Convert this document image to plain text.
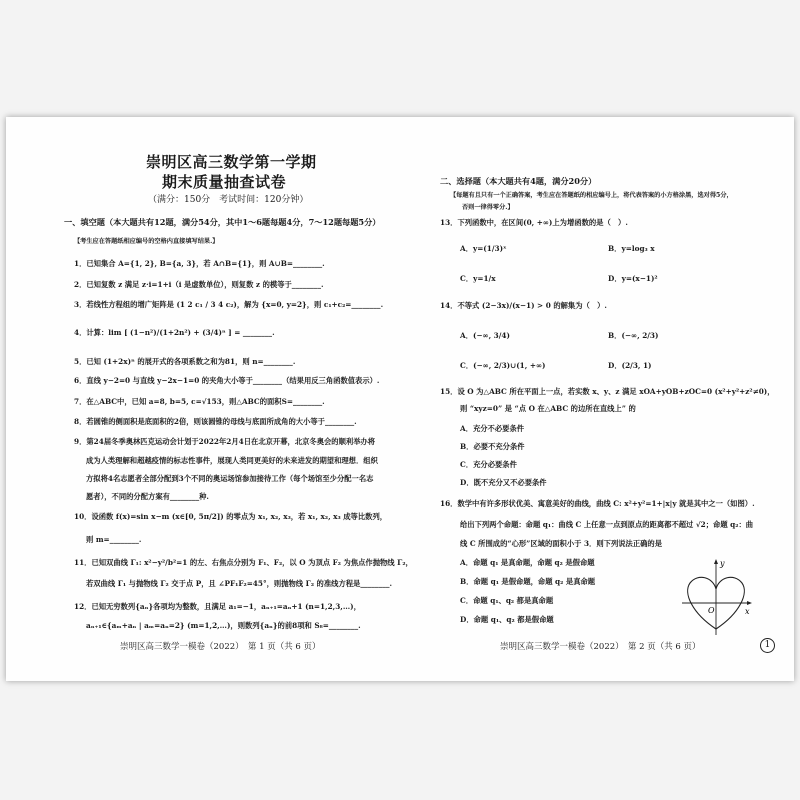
崇明区高三数学第一学期
期末质量抽查试卷
（满分：150分　考试时间：120分钟）
一、填空题（本大题共有12题，满分54分，其中1～6题每题4分，7～12题每题5分）
【考生应在答题纸相应编号的空格内直接填写结果.】
1．已知集合 A={1, 2}, B={a, 3}，若 A∩B={1}，则 A∪B=________.
2．已知复数 z 满足 z·i=1+i（i 是虚数单位），则复数 z 的模等于________.
3．若线性方程组的增广矩阵是 (1 2 c₁ / 3 4 c₂)，解为 {x=0, y=2}，则 c₁+c₂=________.
4．计算：lim [ (1−n²)/(1+2n²) + (3/4)ⁿ ] = ________.
5．已知 (1+2x)ⁿ 的展开式的各项系数之和为81，则 n=________.
6．直线 y−2=0 与直线 y−2x−1=0 的夹角大小等于________（结果用反三角函数值表示）.
7．在△ABC中，已知 a=8, b=5, c=√153，则△ABC的面积S=________.
8．若圆锥的侧面积是底面积的2倍，则该圆锥的母线与底面所成角的大小等于________.
9．第24届冬季奥林匹克运动会计划于2022年2月4日在北京开幕，北京冬奥会的顺利举办将
成为人类理解和超越疫情的标志性事件，展现人类同更美好的未来进发的期望和理想．组织
方拟将4名志愿者全部分配到3个不同的奥运场馆参加接待工作（每个场馆至少分配一名志
愿者），不同的分配方案有________种.
10．设函数 f(x)=sin x−m (x∈[0, 5π/2]) 的零点为 x₁, x₂, x₃，若 x₁, x₂, x₃ 成等比数列，
则 m=________.
11．已知双曲线 Γ₁: x²−y²/b²=1 的左、右焦点分别为 F₁、F₂，以 O 为顶点 F₂ 为焦点作抛物线 Γ₂，
若双曲线 Γ₁ 与抛物线 Γ₂ 交于点 P，且 ∠PF₁F₂=45°，则抛物线 Γ₂ 的准线方程是________.
12．已知无穷数列{aₙ}各项均为整数，且满足 a₁=−1，aₙ₊₁=aₙ+1 (n=1,2,3,…)，
aₙ₊₁∈{aₘ+aₙ | aₘ=aₙ=2} (m=1,2,…)，则数列{aₙ}的前8项和 S₈=________.
崇明区高三数学一模卷（2022）　第 1 页（共 6 页）
二、选择题（本大题共有4题，满分20分）
【每题有且只有一个正确答案，考生应在答题纸的相应编号上，将代表答案的小方格涂黑，选对得5分，
否则一律得零分.】
13．下列函数中，在区间(0, +∞)上为增函数的是（　）.
A．y=(1/3)ˣ	B．y=log₃ x
C．y=1/x	D．y=(x−1)²
14．不等式 (2−3x)/(x−1) > 0 的解集为（　）.
A．(−∞, 3/4)	B．(−∞, 2/3)
C．(−∞, 2/3)∪(1, +∞)	D．(2/3, 1)
15．设 O 为△ABC 所在平面上一点，若实数 x、y、z 满足 xOA+yOB+zOC=0 (x²+y²+z²≠0)，
则 “xyz=0” 是 “点 O 在△ABC 的边所在直线上” 的
A．充分不必要条件
B．必要不充分条件
C．充分必要条件
D．既不充分又不必要条件
16．数学中有许多形状优美、寓意美好的曲线，曲线 C: x²+y²=1+|x|y 就是其中之一（如图）.
给出下列两个命题：命题 q₁：曲线 C 上任意一点到原点的距离都不超过 √2；命题 q₂：曲
线 C 所围成的“心形”区域的面积小于 3．则下列说法正确的是
A．命题 q₁ 是真命题，命题 q₂ 是假命题
B．命题 q₁ 是假命题，命题 q₂ 是真命题
C．命题 q₁、q₂ 都是真命题
D．命题 q₁、q₂ 都是假命题
x
y
O
崇明区高三数学一模卷（2022）　第 2 页（共 6 页）	1
